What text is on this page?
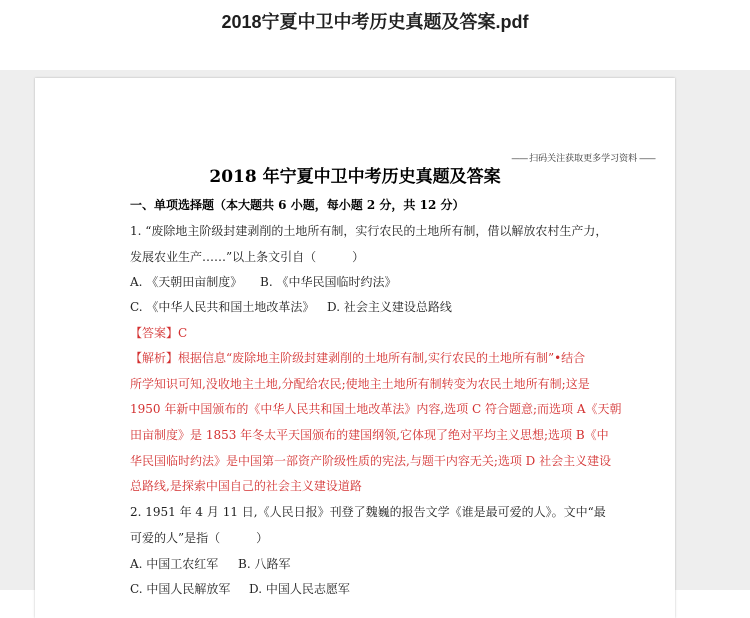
2018宁夏中卫中考历史真题及答案.pdf
—— 扫码关注获取更多学习资料 ——
2018 年宁夏中卫中考历史真题及答案
一、单项选择题（本大题共 6 小题，每小题 2 分，共 12 分）
1. “废除地主阶级封建剥削的土地所有制，实行农民的土地所有制，借以解放农村生产力，
发展农业生产……”以上条文引自（　　　）
A. 《天朝田亩制度》 B. 《中华民国临时约法》
C. 《中华人民共和国土地改革法》 D. 社会主义建设总路线
【答案】C
【解析】根据信息“废除地主阶级封建剥削的土地所有制,实行农民的土地所有制”•结合
所学知识可知,没收地主土地,分配给农民;使地主土地所有制转变为农民土地所有制;这是
1950 年新中国颁布的《中华人民共和国土地改革法》内容,选项 C 符合题意;而选项 A《天朝
田亩制度》是 1853 年冬太平天国颁布的建国纲领,它体现了绝对平均主义思想;选项 B《中
华民国临时约法》是中国第一部资产阶级性质的宪法,与题干内容无关;选项 D 社会主义建设
总路线,是探索中国自己的社会主义建设道路
2. 1951 年 4 月 11 日,《人民日报》刊登了魏巍的报告文学《谁是最可爱的人》。文中“最
可爱的人”是指（　　　）
A. 中国工农红军 B. 八路军
C. 中国人民解放军 D. 中国人民志愿军
